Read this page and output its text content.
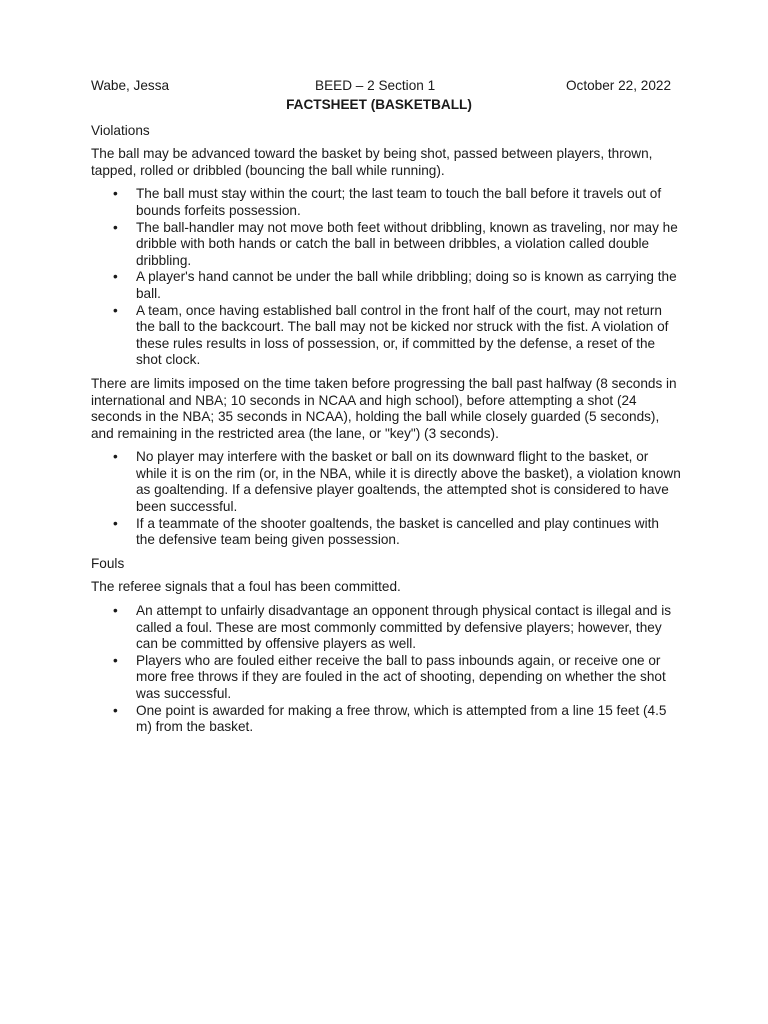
Wabe, Jessa	BEED – 2 Section 1	October 22, 2022
FACTSHEET (BASKETBALL)
Violations

The ball may be advanced toward the basket by being shot, passed between players, thrown, tapped, rolled or dribbled (bouncing the ball while running).

• The ball must stay within the court; the last team to touch the ball before it travels out of bounds forfeits possession.
• The ball-handler may not move both feet without dribbling, known as traveling, nor may he dribble with both hands or catch the ball in between dribbles, a violation called double dribbling.
• A player's hand cannot be under the ball while dribbling; doing so is known as carrying the ball.
• A team, once having established ball control in the front half of the court, may not return the ball to the backcourt. The ball may not be kicked nor struck with the fist. A violation of these rules results in loss of possession, or, if committed by the defense, a reset of the shot clock.

There are limits imposed on the time taken before progressing the ball past halfway (8 seconds in international and NBA; 10 seconds in NCAA and high school), before attempting a shot (24 seconds in the NBA; 35 seconds in NCAA), holding the ball while closely guarded (5 seconds), and remaining in the restricted area (the lane, or "key") (3 seconds).

• No player may interfere with the basket or ball on its downward flight to the basket, or while it is on the rim (or, in the NBA, while it is directly above the basket), a violation known as goaltending. If a defensive player goaltends, the attempted shot is considered to have been successful.
• If a teammate of the shooter goaltends, the basket is cancelled and play continues with the defensive team being given possession.
Fouls

The referee signals that a foul has been committed.

• An attempt to unfairly disadvantage an opponent through physical contact is illegal and is called a foul. These are most commonly committed by defensive players; however, they can be committed by offensive players as well.
• Players who are fouled either receive the ball to pass inbounds again, or receive one or more free throws if they are fouled in the act of shooting, depending on whether the shot was successful.
• One point is awarded for making a free throw, which is attempted from a line 15 feet (4.5 m) from the basket.
